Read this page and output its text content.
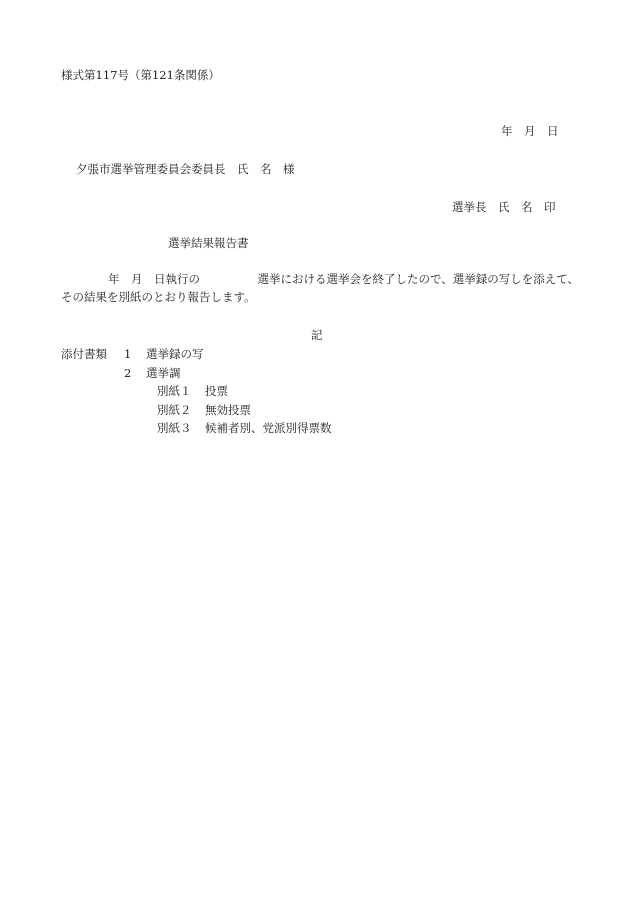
様式第117号（第121条関係）

年　月　日

夕張市選挙管理委員会委員長　氏　名　様

選挙長　氏　名　印

選挙結果報告書

年　月　日執行の　　　　　選挙における選挙会を終了したので、選挙録の写しを添えて、

その結果を別紙のとおり報告します。

記

添付書類 1 選挙録の写

2 選挙調

別紙１ 投票

別紙２ 無効投票

別紙３ 候補者別、党派別得票数
